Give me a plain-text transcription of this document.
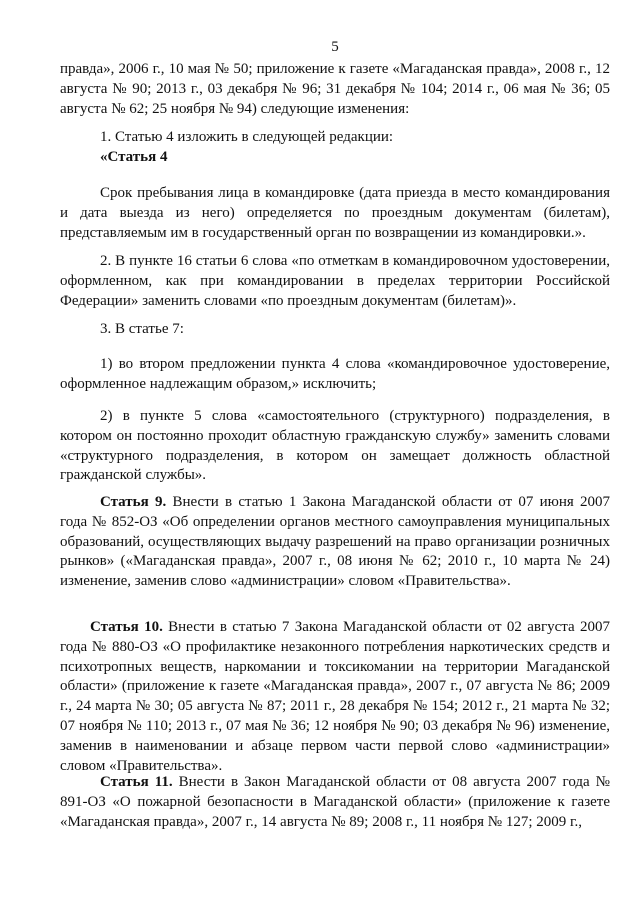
5

правда», 2006 г., 10 мая № 50; приложение к газете «Магаданская правда», 2008 г., 12 августа № 90; 2013 г., 03 декабря № 96; 31 декабря № 104; 2014 г., 06 мая № 36; 05 августа № 62; 25 ноября № 94) следующие изменения:

1. Статью 4 изложить в следующей редакции:

«Статья 4

Срок пребывания лица в командировке (дата приезда в место командирования и дата выезда из него) определяется по проездным документам (билетам), представляемым им в государственный орган по возвращении из командировки.».

2. В пункте 16 статьи 6 слова «по отметкам в командировочном удостоверении, оформленном, как при командировании в пределах территории Российской Федерации» заменить словами «по проездным документам (билетам)».

3. В статье 7:

1) во втором предложении пункта 4 слова «командировочное удостоверение, оформленное надлежащим образом,» исключить;

2) в пункте 5 слова «самостоятельного (структурного) подразделения, в котором он постоянно проходит областную гражданскую службу» заменить словами «структурного подразделения, в котором он замещает должность областной гражданской службы».

Статья 9. Внести в статью 1 Закона Магаданской области от 07 июня 2007 года № 852-ОЗ «Об определении органов местного самоуправления муниципальных образований, осуществляющих выдачу разрешений на право организации розничных рынков» («Магаданская правда», 2007 г., 08 июня № 62; 2010 г., 10 марта № 24) изменение, заменив слово «администрации» словом «Правительства».

Статья 10. Внести в статью 7 Закона Магаданской области от 02 августа 2007 года № 880-ОЗ «О профилактике незаконного потребления наркотических средств и психотропных веществ, наркомании и токсикомании на территории Магаданской области» (приложение к газете «Магаданская правда», 2007 г., 07 августа № 86; 2009 г., 24 марта № 30; 05 августа № 87; 2011 г., 28 декабря № 154; 2012 г., 21 марта № 32; 07 ноября № 110; 2013 г., 07 мая № 36; 12 ноября № 90; 03 декабря № 96) изменение, заменив в наименовании и абзаце первом части первой слово «администрации» словом «Правительства».

Статья 11. Внести в Закон Магаданской области от 08 августа 2007 года № 891-ОЗ «О пожарной безопасности в Магаданской области» (приложение к газете «Магаданская правда», 2007 г., 14 августа № 89; 2008 г., 11 ноября № 127; 2009 г.,
